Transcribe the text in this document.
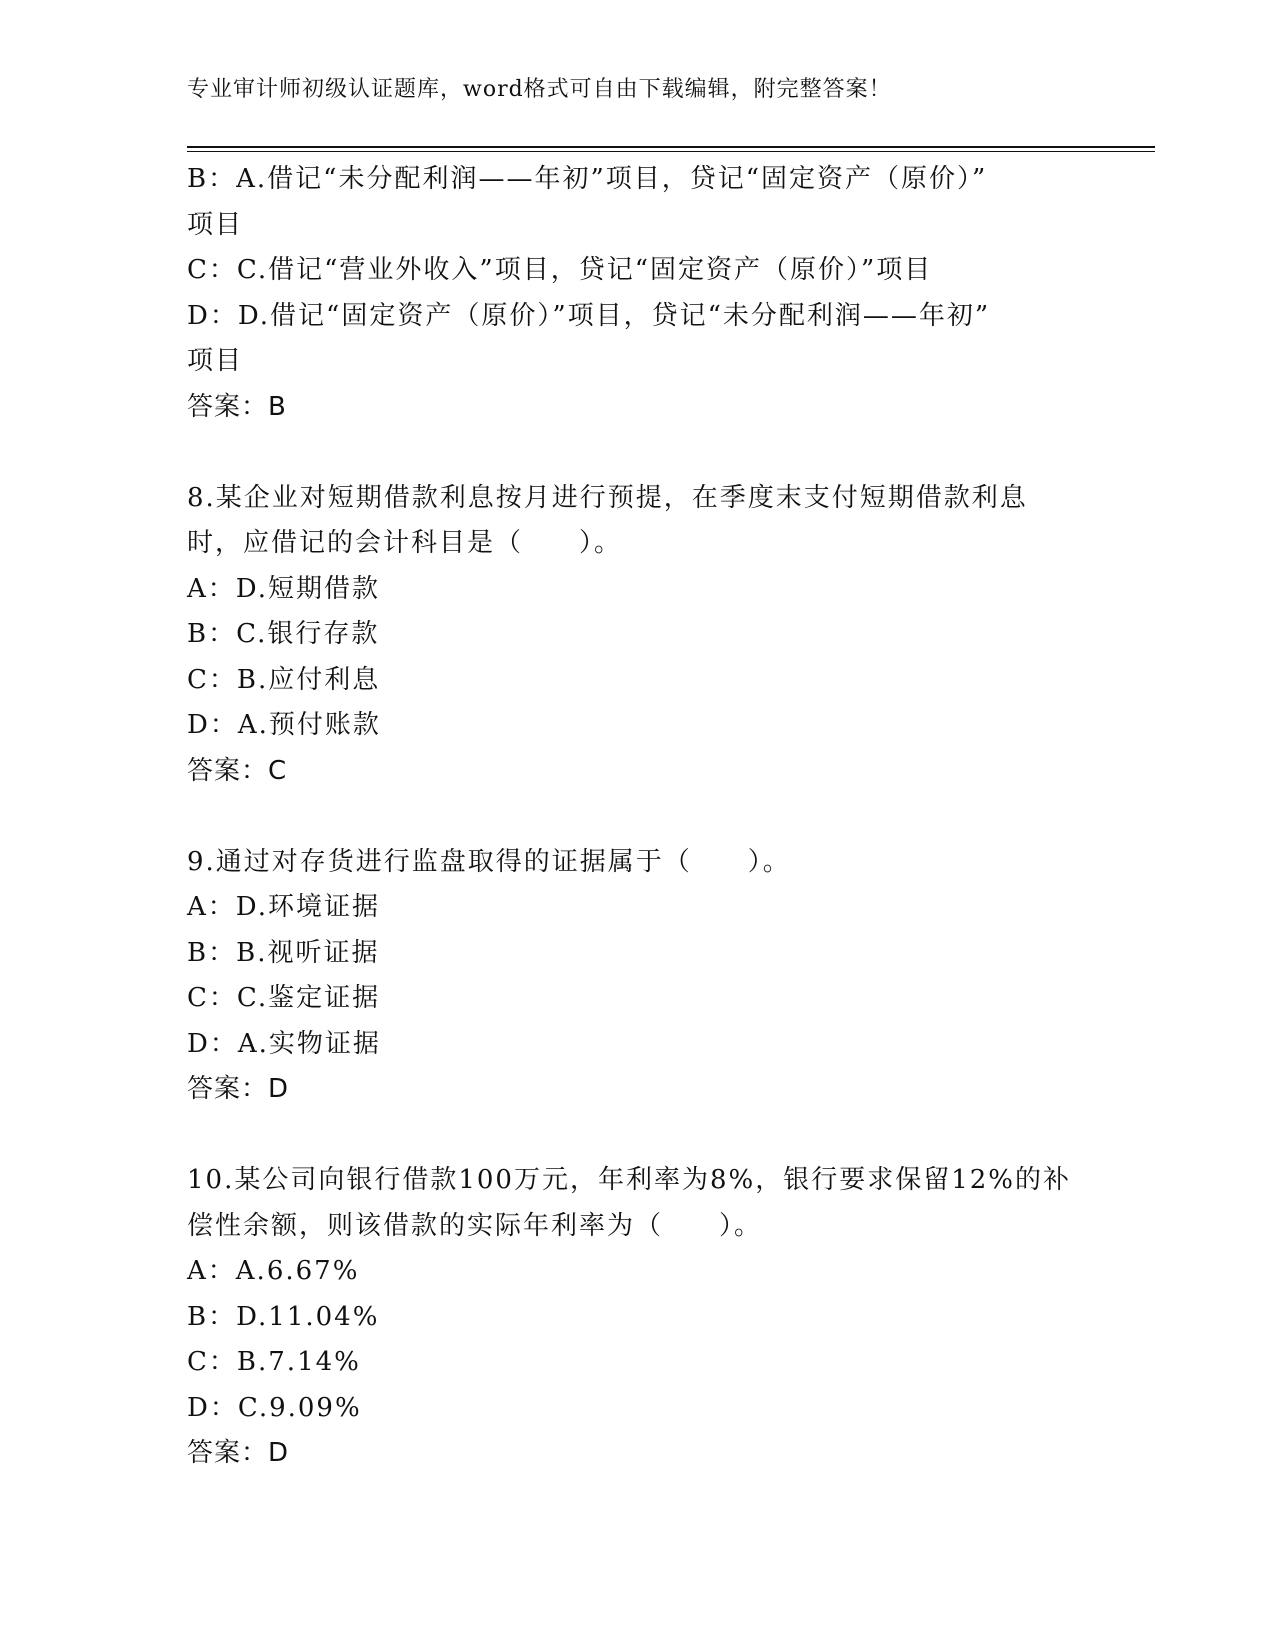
专业审计师初级认证题库，word格式可自由下载编辑，附完整答案！
B：A.借记“未分配利润——年初”项目，贷记“固定资产（原价）”
项目
C：C.借记“营业外收入”项目，贷记“固定资产（原价）”项目
D：D.借记“固定资产（原价）”项目，贷记“未分配利润——年初”
项目
答案：B
8.某企业对短期借款利息按月进行预提，在季度末支付短期借款利息
时，应借记的会计科目是（　　）。
A：D.短期借款
B：C.银行存款
C：B.应付利息
D：A.预付账款
答案：C
9.通过对存货进行监盘取得的证据属于（　　）。
A：D.环境证据
B：B.视听证据
C：C.鉴定证据
D：A.实物证据
答案：D
10.某公司向银行借款100万元，年利率为8%，银行要求保留12%的补
偿性余额，则该借款的实际年利率为（　　）。
A：A.6.67%
B：D.11.04%
C：B.7.14%
D：C.9.09%
答案：D
